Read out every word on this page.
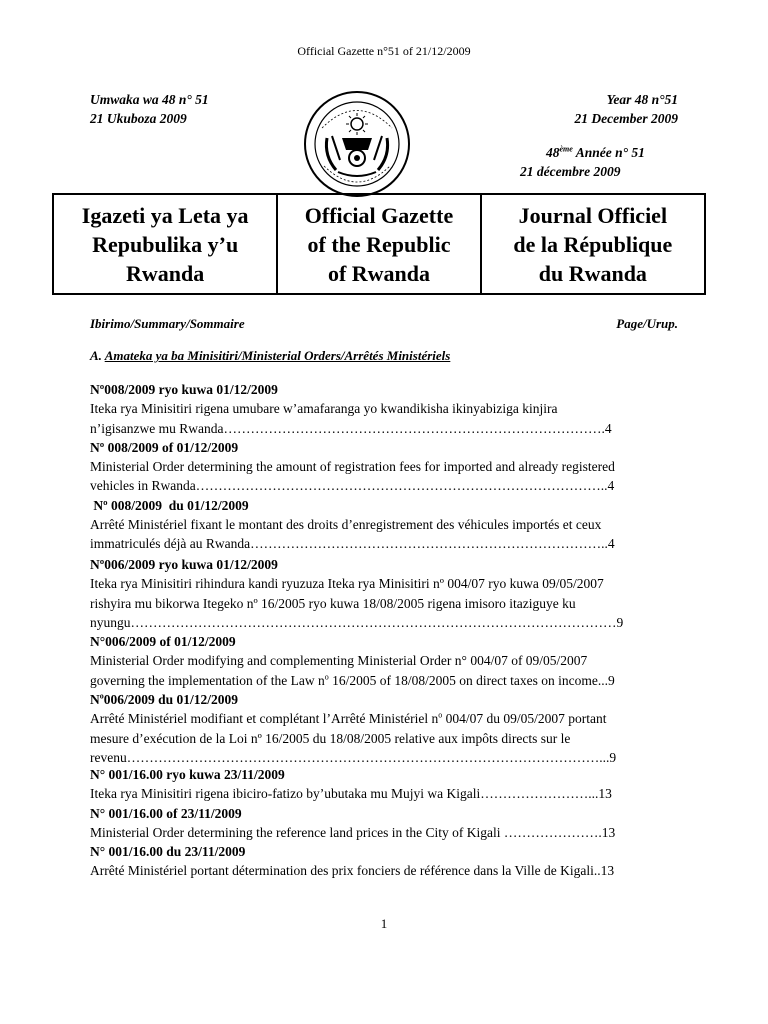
Official Gazette n°51 of 21/12/2009
Umwaka wa 48 n° 51
21 Ukuboza 2009
Year 48 n°51
21 December 2009
48ème Année n° 51
21 décembre 2009
Igazeti ya Leta ya
Repubulika y’u
Rwanda
Official Gazette
of the Republic
of Rwanda
Journal Officiel
de la République
du Rwanda
Ibirimo/Summary/Sommaire	Page/Urup.
A. Amateka ya ba Minisitiri/Ministerial Orders/Arrêtés Ministériels
Nº008/2009 ryo kuwa 01/12/2009
Iteka rya Minisitiri rigena umubare w’amafaranga yo kwandikisha ikinyabiziga kinjira
n’igisanzwe mu Rwanda………………………………………………………………………….4
Nº 008/2009 of 01/12/2009
Ministerial Order determining the amount of registration fees for imported and already registered
vehicles in Rwanda………………………………………………………………………………..4
Nº 008/2009  du 01/12/2009
Arrêté Ministériel fixant le montant des droits d’enregistrement des véhicules importés et ceux
immatriculés déjà au Rwanda……………………………………………………………………..4
Nº006/2009 ryo kuwa 01/12/2009
Iteka rya Minisitiri rihindura kandi ryuzuza Iteka rya Minisitiri nº 004/07 ryo kuwa 09/05/2007
rishyira mu bikorwa Itegeko nº 16/2005 ryo kuwa 18/08/2005 rigena imisoro itaziguye ku
nyungu………………………………………………………………………………………………9
N°006/2009 of 01/12/2009
Ministerial Order modifying and complementing Ministerial Order n° 004/07 of 09/05/2007
governing the implementation of the Law $n^o$ 16/2005 of 18/08/2005 on direct taxes on income...9
$N^o006/2009$ du 01/12/2009
Arrêté Ministériel modifiant et complétant l’Arrêté Ministériel $n^o$ 004/07 du 09/05/2007 portant
mesure d’exécution de la Loi nº 16/2005 du 18/08/2005 relative aux impôts directs sur le
revenu……………………………………………………………………………………………...9
N° 001/16.00 ryo kuwa 23/11/2009
Iteka rya Minisitiri rigena ibiciro-fatizo by’ubutaka mu Mujyi wa Kigali……………………...13
N° 001/16.00 of 23/11/2009
Ministerial Order determining the reference land prices in the City of Kigali ………………….13
N° 001/16.00 du 23/11/2009
Arrêté Ministériel portant détermination des prix fonciers de référence dans la Ville de Kigali..13
1
